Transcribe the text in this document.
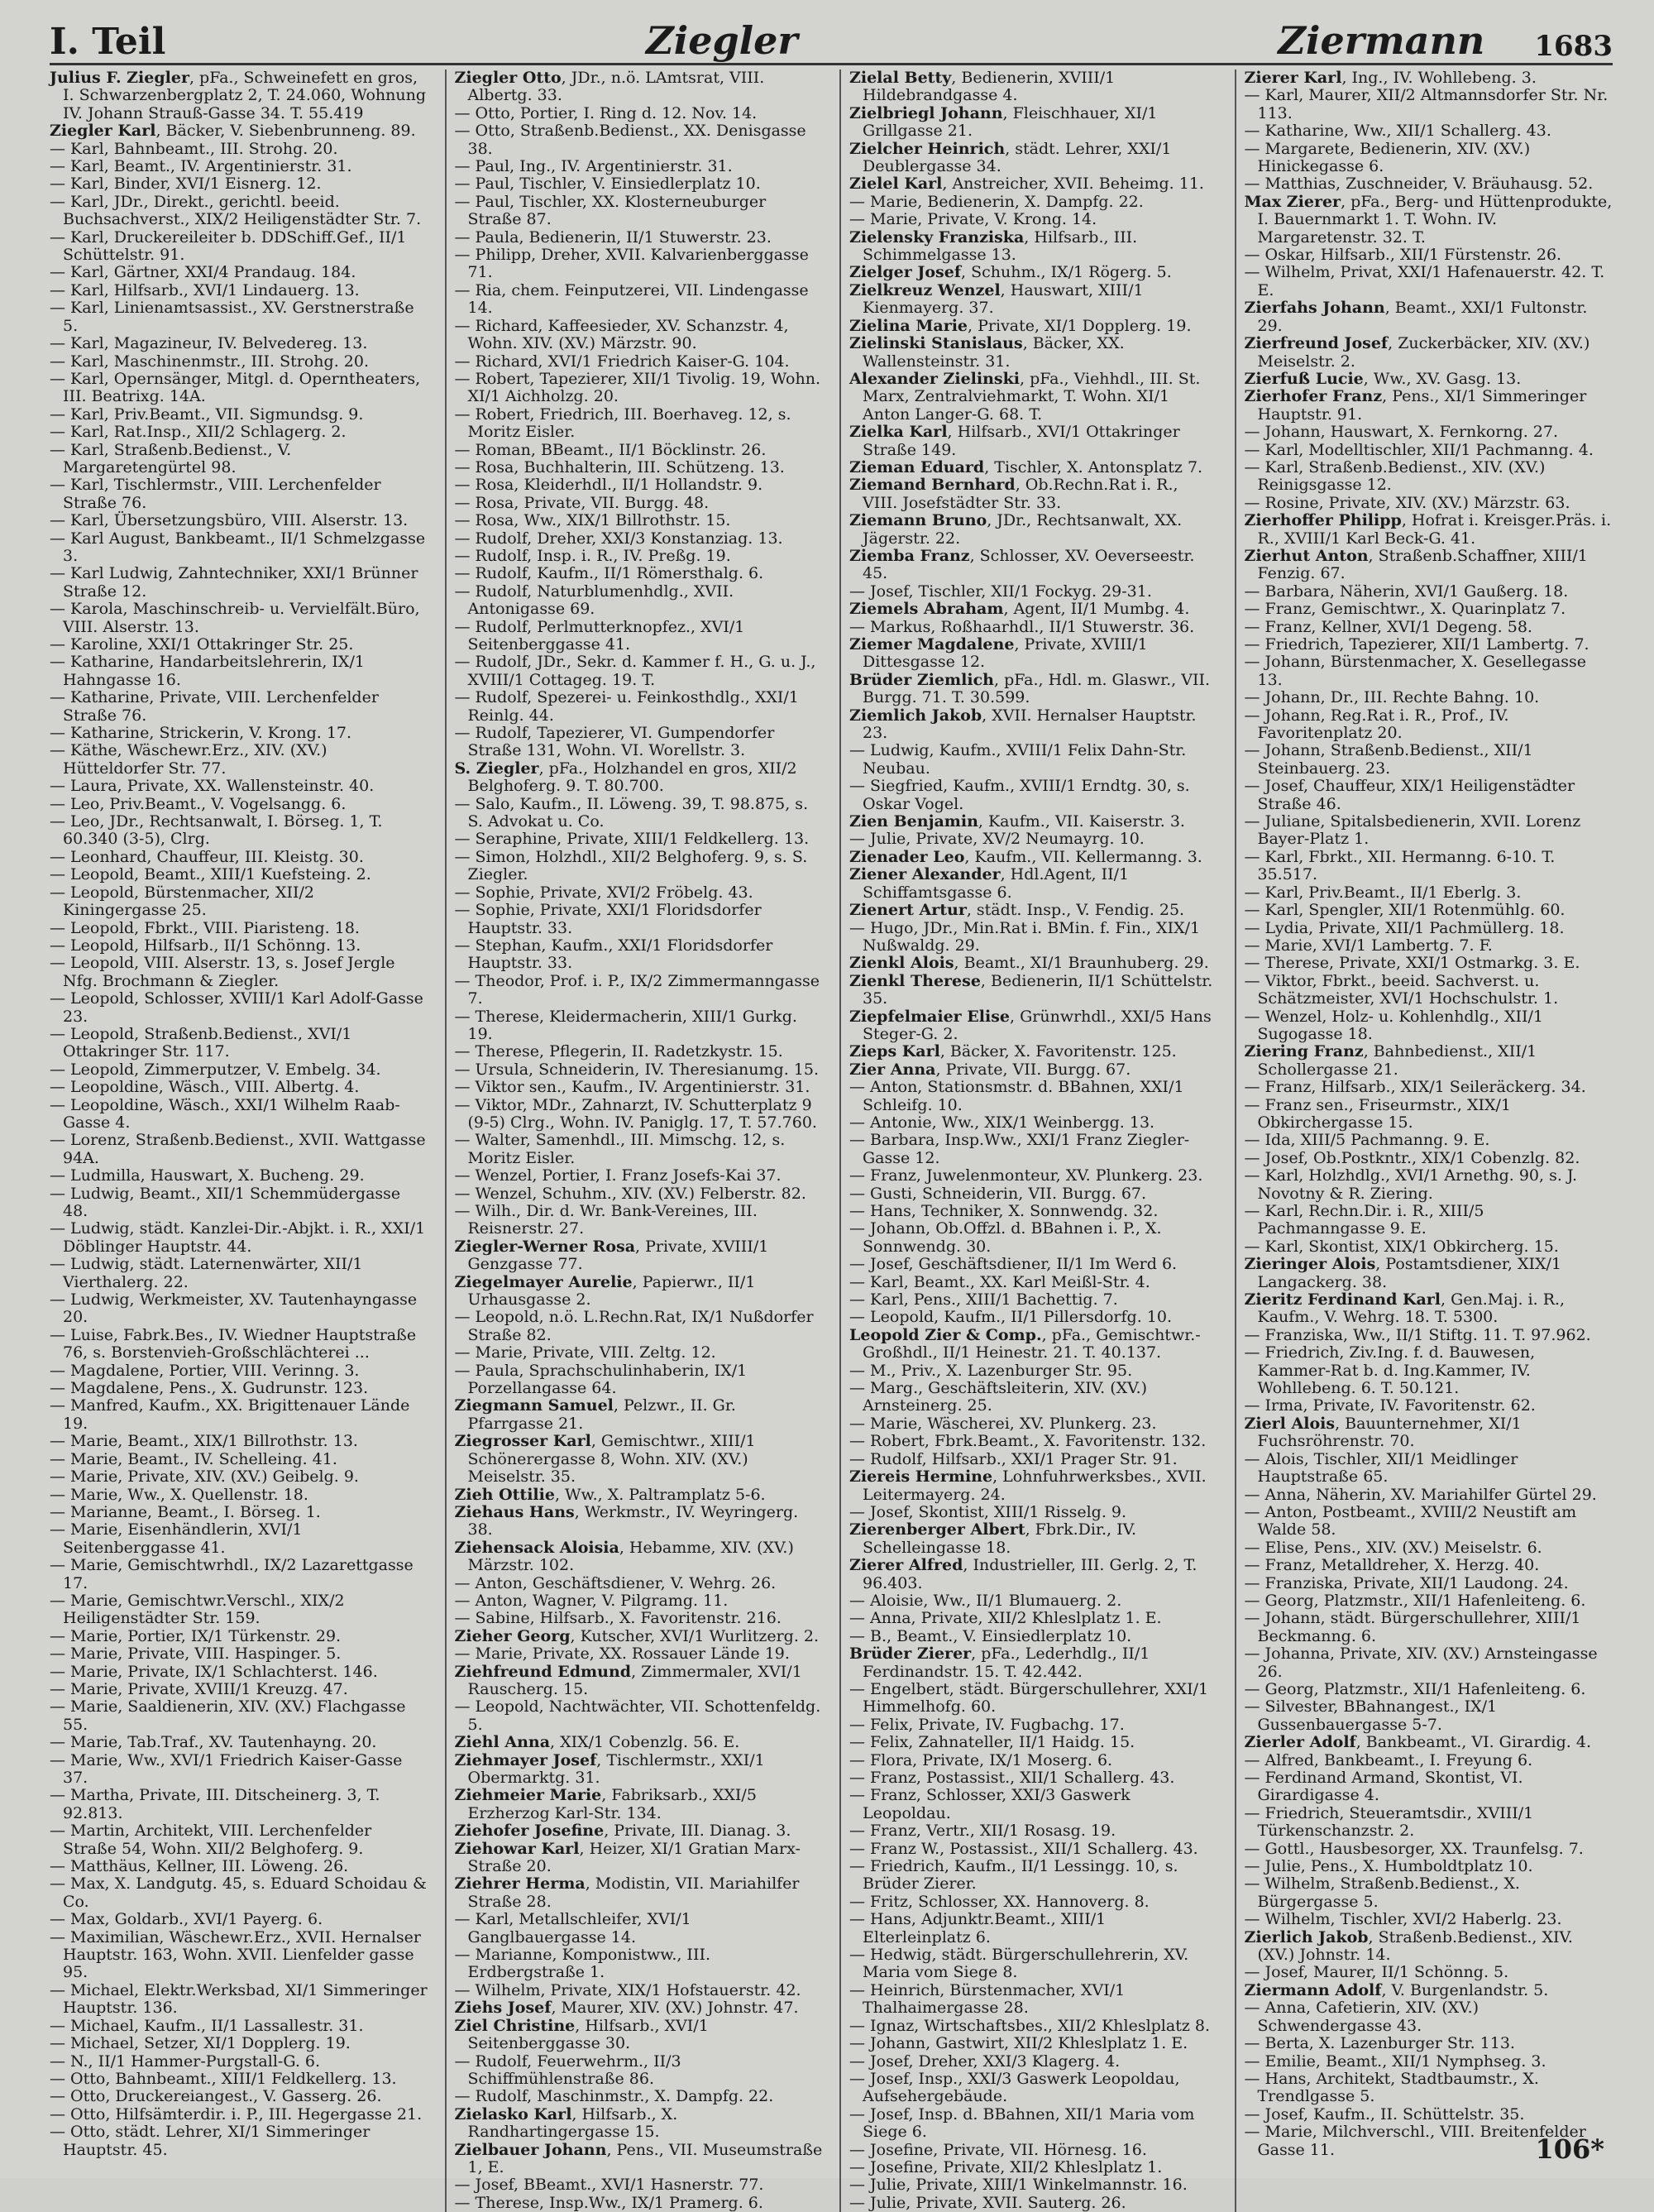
I. Teil	Ziegler	Ziermann 1683

Julius F. Ziegler, pFa., Schweinefett en gros, I. Schwarzenbergplatz 2, T. 24.060, Wohnung IV. Johann Strauß-Gasse 34. T. 55.419

Ziegler Karl, Bäcker, V. Siebenbrunneng. 89.

— Karl, Bahnbeamt., III. Strohg. 20.

— Karl, Beamt., IV. Argentinierstr. 31.

— Karl, Binder, XVI/1 Eisnerg. 12.

— Karl, JDr., Direkt., gerichtl. beeid. Buchsachverst., XIX/2 Heiligenstädter Str. 7.

— Karl, Druckereileiter b. DDSchiff.Gef., II/1 Schüttelstr. 91.

— Karl, Gärtner, XXI/4 Prandaug. 184.

— Karl, Hilfsarb., XVI/1 Lindauerg. 13.

— Karl, Linienamtsassist., XV. Gerstnerstraße 5.

— Karl, Magazineur, IV. Belvedereg. 13.

— Karl, Maschinenmstr., III. Strohg. 20.

— Karl, Opernsänger, Mitgl. d. Operntheaters, III. Beatrixg. 14A.

— Karl, Priv.Beamt., VII. Sigmundsg. 9.

— Karl, Rat.Insp., XII/2 Schlagerg. 2.

— Karl, Straßenb.Bedienst., V. Margaretengürtel 98.

— Karl, Tischlermstr., VIII. Lerchenfelder Straße 76.

— Karl, Übersetzungsbüro, VIII. Alserstr. 13.

— Karl August, Bankbeamt., II/1 Schmelzgasse 3.

— Karl Ludwig, Zahntechniker, XXI/1 Brünner Straße 12.

— Karola, Maschinschreib- u. Vervielfält.Büro, VIII. Alserstr. 13.

— Karoline, XXI/1 Ottakringer Str. 25.

— Katharine, Handarbeitslehrerin, IX/1 Hahngasse 16.

— Katharine, Private, VIII. Lerchenfelder Straße 76.

— Katharine, Strickerin, V. Krong. 17.

— Käthe, Wäschewr.Erz., XIV. (XV.) Hütteldorfer Str. 77.

— Laura, Private, XX. Wallensteinstr. 40.

— Leo, Priv.Beamt., V. Vogelsangg. 6.

— Leo, JDr., Rechtsanwalt, I. Börseg. 1, T. 60.340 (3-5), Clrg.

— Leonhard, Chauffeur, III. Kleistg. 30.

— Leopold, Beamt., XIII/1 Kuefsteing. 2.

— Leopold, Bürstenmacher, XII/2 Kiningergasse 25.

— Leopold, Fbrkt., VIII. Piaristeng. 18.

— Leopold, Hilfsarb., II/1 Schönng. 13.

— Leopold, VIII. Alserstr. 13, s. Josef Jergle Nfg. Brochmann & Ziegler.

— Leopold, Schlosser, XVIII/1 Karl Adolf-Gasse 23.

— Leopold, Straßenb.Bedienst., XVI/1 Ottakringer Str. 117.

— Leopold, Zimmerputzer, V. Embelg. 34.

— Leopoldine, Wäsch., VIII. Albertg. 4.

— Leopoldine, Wäsch., XXI/1 Wilhelm Raab-Gasse 4.

— Lorenz, Straßenb.Bedienst., XVII. Wattgasse 94A.

— Ludmilla, Hauswart, X. Bucheng. 29.

— Ludwig, Beamt., XII/1 Schemmüdergasse 48.

— Ludwig, städt. Kanzlei-Dir.-Abjkt. i. R., XXI/1 Döblinger Hauptstr. 44.

— Ludwig, städt. Laternenwärter, XII/1 Vierthalerg. 22.

— Ludwig, Werkmeister, XV. Tautenhayngasse 20.

— Luise, Fabrk.Bes., IV. Wiedner Hauptstraße 76, s. Borstenvieh-Großschlächterei ...

— Magdalene, Portier, VIII. Verinng. 3.

— Magdalene, Pens., X. Gudrunstr. 123.

— Manfred, Kaufm., XX. Brigittenauer Lände 19.

— Marie, Beamt., XIX/1 Billrothstr. 13.

— Marie, Beamt., IV. Schelleing. 41.

— Marie, Private, XIV. (XV.) Geibelg. 9.

— Marie, Ww., X. Quellenstr. 18.

— Marianne, Beamt., I. Börseg. 1.

— Marie, Eisenhändlerin, XVI/1 Seitenberggasse 41.

— Marie, Gemischtwrhdl., IX/2 Lazarettgasse 17.

— Marie, Gemischtwr.Verschl., XIX/2 Heiligenstädter Str. 159.

— Marie, Portier, IX/1 Türkenstr. 29.

— Marie, Private, VIII. Haspinger. 5.

— Marie, Private, IX/1 Schlachterst. 146.

— Marie, Private, XVIII/1 Kreuzg. 47.

— Marie, Saaldienerin, XIV. (XV.) Flachgasse 55.

— Marie, Tab.Traf., XV. Tautenhayng. 20.

— Marie, Ww., XVI/1 Friedrich Kaiser-Gasse 37.

— Martha, Private, III. Ditscheinerg. 3, T. 92.813.

— Martin, Architekt, VIII. Lerchenfelder Straße 54, Wohn. XII/2 Belghoferg. 9.

— Matthäus, Kellner, III. Löweng. 26.

— Max, X. Landgutg. 45, s. Eduard Schoidau & Co.

— Max, Goldarb., XVI/1 Payerg. 6.

— Maximilian, Wäschewr.Erz., XVII. Hernalser Hauptstr. 163, Wohn. XVII. Lienfelder gasse 95.

— Michael, Elektr.Werksbad, XI/1 Simmeringer Hauptstr. 136.

— Michael, Kaufm., II/1 Lassallestr. 31.

— Michael, Setzer, XI/1 Dopplerg. 19.

— N., II/1 Hammer-Purgstall-G. 6.

— Otto, Bahnbeamt., XIII/1 Feldkellerg. 13.

— Otto, Druckereiangest., V. Gasserg. 26.

— Otto, Hilfsämterdir. i. P., III. Hegergasse 21.

— Otto, städt. Lehrer, XI/1 Simmeringer Hauptstr. 45.

Ziegler Otto, JDr., n.ö. LAmtsrat, VIII. Albertg. 33.

— Otto, Portier, I. Ring d. 12. Nov. 14.

— Otto, Straßenb.Bedienst., XX. Denisgasse 38.

— Paul, Ing., IV. Argentinierstr. 31.

— Paul, Tischler, V. Einsiedlerplatz 10.

— Paul, Tischler, XX. Klosterneuburger Straße 87.

— Paula, Bedienerin, II/1 Stuwerstr. 23.

— Philipp, Dreher, XVII. Kalvarienberggasse 71.

— Ria, chem. Feinputzerei, VII. Lindengasse 14.

— Richard, Kaffeesieder, XV. Schanzstr. 4, Wohn. XIV. (XV.) Märzstr. 90.

— Richard, XVI/1 Friedrich Kaiser-G. 104.

— Robert, Tapezierer, XII/1 Tivolig. 19, Wohn. XI/1 Aichholzg. 20.

— Robert, Friedrich, III. Boerhaveg. 12, s. Moritz Eisler.

— Roman, BBeamt., II/1 Böcklinstr. 26.

— Rosa, Buchhalterin, III. Schützeng. 13.

— Rosa, Kleiderhdl., II/1 Hollandstr. 9.

— Rosa, Private, VII. Burgg. 48.

— Rosa, Ww., XIX/1 Billrothstr. 15.

— Rudolf, Dreher, XXI/3 Konstanziag. 13.

— Rudolf, Insp. i. R., IV. Preßg. 19.

— Rudolf, Kaufm., II/1 Römersthalg. 6.

— Rudolf, Naturblumenhdlg., XVII. Antonigasse 69.

— Rudolf, Perlmutterknopfez., XVI/1 Seitenberggasse 41.

— Rudolf, JDr., Sekr. d. Kammer f. H., G. u. J., XVIII/1 Cottageg. 19. T.

— Rudolf, Spezerei- u. Feinkosthdlg., XXI/1 Reinlg. 44.

— Rudolf, Tapezierer, VI. Gumpendorfer Straße 131, Wohn. VI. Worellstr. 3.

S. Ziegler, pFa., Holzhandel en gros, XII/2 Belghoferg. 9. T. 80.700.

— Salo, Kaufm., II. Löweng. 39, T. 98.875, s. S. Advokat u. Co.

— Seraphine, Private, XIII/1 Feldkellerg. 13.

— Simon, Holzhdl., XII/2 Belghoferg. 9, s. S. Ziegler.

— Sophie, Private, XVI/2 Fröbelg. 43.

— Sophie, Private, XXI/1 Floridsdorfer Hauptstr. 33.

— Stephan, Kaufm., XXI/1 Floridsdorfer Hauptstr. 33.

— Theodor, Prof. i. P., IX/2 Zimmermanngasse 7.

— Therese, Kleidermacherin, XIII/1 Gurkg. 19.

— Therese, Pflegerin, II. Radetzkystr. 15.

— Ursula, Schneiderin, IV. Theresianumg. 15.

— Viktor sen., Kaufm., IV. Argentinierstr. 31.

— Viktor, MDr., Zahnarzt, IV. Schutterplatz 9 (9-5) Clrg., Wohn. IV. Paniglg. 17, T. 57.760.

— Walter, Samenhdl., III. Mimschg. 12, s. Moritz Eisler.

— Wenzel, Portier, I. Franz Josefs-Kai 37.

— Wenzel, Schuhm., XIV. (XV.) Felberstr. 82.

— Wilh., Dir. d. Wr. Bank-Vereines, III. Reisnerstr. 27.

Ziegler-Werner Rosa, Private, XVIII/1 Genzgasse 77.

Ziegelmayer Aurelie, Papierwr., II/1 Urhausgasse 2.

— Leopold, n.ö. L.Rechn.Rat, IX/1 Nußdorfer Straße 82.

— Marie, Private, VIII. Zeltg. 12.

— Paula, Sprachschulinhaberin, IX/1 Porzellangasse 64.

Ziegmann Samuel, Pelzwr., II. Gr. Pfarrgasse 21.

Ziegrosser Karl, Gemischtwr., XIII/1 Schönerergasse 8, Wohn. XIV. (XV.) Meiselstr. 35.

Zieh Ottilie, Ww., X. Paltramplatz 5-6.

Ziehaus Hans, Werkmstr., IV. Weyringerg. 38.

Ziehensack Aloisia, Hebamme, XIV. (XV.) Märzstr. 102.

— Anton, Geschäftsdiener, V. Wehrg. 26.

— Anton, Wagner, V. Pilgramg. 11.

— Sabine, Hilfsarb., X. Favoritenstr. 216.

Zieher Georg, Kutscher, XVI/1 Wurlitzerg. 2.

— Marie, Private, XX. Rossauer Lände 19.

Ziehfreund Edmund, Zimmermaler, XVI/1 Rauscherg. 15.

— Leopold, Nachtwächter, VII. Schottenfeldg. 5.

Ziehl Anna, XIX/1 Cobenzlg. 56. E.

Ziehmayer Josef, Tischlermstr., XXI/1 Obermarktg. 31.

Ziehmeier Marie, Fabriksarb., XXI/5 Erzherzog Karl-Str. 134.

Ziehofer Josefine, Private, III. Dianag. 3.

Ziehowar Karl, Heizer, XI/1 Gratian Marx-Straße 20.

Ziehrer Herma, Modistin, VII. Mariahilfer Straße 28.

— Karl, Metallschleifer, XVI/1 Ganglbauergasse 14.

— Marianne, Komponistww., III. Erdbergstraße 1.

— Wilhelm, Private, XIX/1 Hofstauerstr. 42.

Ziehs Josef, Maurer, XIV. (XV.) Johnstr. 47.

Ziel Christine, Hilfsarb., XVI/1 Seitenberggasse 30.

— Rudolf, Feuerwehrm., II/3 Schiffmühlenstraße 86.

— Rudolf, Maschinmstr., X. Dampfg. 22.

Zielasko Karl, Hilfsarb., X. Randhartingergasse 15.

Zielbauer Johann, Pens., VII. Museumstraße 1, E.

— Josef, BBeamt., XVI/1 Hasnerstr. 77.

— Therese, Insp.Ww., IX/1 Pramerg. 6.

Zielal Betty, Bedienerin, XVIII/1 Hildebrandgasse 4.

Zielbriegl Johann, Fleischhauer, XI/1 Grillgasse 21.

Zielcher Heinrich, städt. Lehrer, XXI/1 Deublergasse 34.

Zielel Karl, Anstreicher, XVII. Beheimg. 11.

— Marie, Bedienerin, X. Dampfg. 22.

— Marie, Private, V. Krong. 14.

Zielensky Franziska, Hilfsarb., III. Schimmelgasse 13.

Zielger Josef, Schuhm., IX/1 Rögerg. 5.

Zielkreuz Wenzel, Hauswart, XIII/1 Kienmayerg. 37.

Zielina Marie, Private, XI/1 Dopplerg. 19.

Zielinski Stanislaus, Bäcker, XX. Wallensteinstr. 31.

Alexander Zielinski, pFa., Viehhdl., III. St. Marx, Zentralviehmarkt, T. Wohn. XI/1 Anton Langer-G. 68. T.

Zielka Karl, Hilfsarb., XVI/1 Ottakringer Straße 149.

Zieman Eduard, Tischler, X. Antonsplatz 7.

Ziemand Bernhard, Ob.Rechn.Rat i. R., VIII. Josefstädter Str. 33.

Ziemann Bruno, JDr., Rechtsanwalt, XX. Jägerstr. 22.

Ziemba Franz, Schlosser, XV. Oeverseestr. 45.

— Josef, Tischler, XII/1 Fockyg. 29-31.

Ziemels Abraham, Agent, II/1 Mumbg. 4.

— Markus, Roßhaarhdl., II/1 Stuwerstr. 36.

Ziemer Magdalene, Private, XVIII/1 Dittesgasse 12.

Brüder Ziemlich, pFa., Hdl. m. Glaswr., VII. Burgg. 71. T. 30.599.

Ziemlich Jakob, XVII. Hernalser Hauptstr. 23.

— Ludwig, Kaufm., XVIII/1 Felix Dahn-Str. Neubau.

— Siegfried, Kaufm., XVIII/1 Erndtg. 30, s. Oskar Vogel.

Zien Benjamin, Kaufm., VII. Kaiserstr. 3.

— Julie, Private, XV/2 Neumayrg. 10.

Zienader Leo, Kaufm., VII. Kellermanng. 3.

Ziener Alexander, Hdl.Agent, II/1 Schiffamtsgasse 6.

Zienert Artur, städt. Insp., V. Fendig. 25.

— Hugo, JDr., Min.Rat i. BMin. f. Fin., XIX/1 Nußwaldg. 29.

Zienkl Alois, Beamt., XI/1 Braunhuberg. 29.

Zienkl Therese, Bedienerin, II/1 Schüttelstr. 35.

Ziepfelmaier Elise, Grünwrhdl., XXI/5 Hans Steger-G. 2.

Zieps Karl, Bäcker, X. Favoritenstr. 125.

Zier Anna, Private, VII. Burgg. 67.

— Anton, Stationsmstr. d. BBahnen, XXI/1 Schleifg. 10.

— Antonie, Ww., XIX/1 Weinbergg. 13.

— Barbara, Insp.Ww., XXI/1 Franz Ziegler-Gasse 12.

— Franz, Juwelenmonteur, XV. Plunkerg. 23.

— Gusti, Schneiderin, VII. Burgg. 67.

— Hans, Techniker, X. Sonnwendg. 32.

— Johann, Ob.Offzl. d. BBahnen i. P., X. Sonnwendg. 30.

— Josef, Geschäftsdiener, II/1 Im Werd 6.

— Karl, Beamt., XX. Karl Meißl-Str. 4.

— Karl, Pens., XIII/1 Bachettig. 7.

— Leopold, Kaufm., II/1 Pillersdorfg. 10.

Leopold Zier & Comp., pFa., Gemischtwr.-Großhdl., II/1 Heinestr. 21. T. 40.137.

— M., Priv., X. Lazenburger Str. 95.

— Marg., Geschäftsleiterin, XIV. (XV.) Arnsteinerg. 25.

— Marie, Wäscherei, XV. Plunkerg. 23.

— Robert, Fbrk.Beamt., X. Favoritenstr. 132.

— Rudolf, Hilfsarb., XXI/1 Prager Str. 91.

Ziereis Hermine, Lohnfuhrwerksbes., XVII. Leitermayerg. 24.

— Josef, Skontist, XIII/1 Risselg. 9.

Zierenberger Albert, Fbrk.Dir., IV. Schelleingasse 18.

Zierer Alfred, Industrieller, III. Gerlg. 2, T. 96.403.

— Aloisie, Ww., II/1 Blumauerg. 2.

— Anna, Private, XII/2 Khleslplatz 1. E.

— B., Beamt., V. Einsiedlerplatz 10.

Brüder Zierer, pFa., Lederhdlg., II/1 Ferdinandstr. 15. T. 42.442.

— Engelbert, städt. Bürgerschullehrer, XXI/1 Himmelhofg. 60.

— Felix, Private, IV. Fugbachg. 17.

— Felix, Zahnateller, II/1 Haidg. 15.

— Flora, Private, IX/1 Moserg. 6.

— Franz, Postassist., XII/1 Schallerg. 43.

— Franz, Schlosser, XXI/3 Gaswerk Leopoldau.

— Franz, Vertr., XII/1 Rosasg. 19.

— Franz W., Postassist., XII/1 Schallerg. 43.

— Friedrich, Kaufm., II/1 Lessingg. 10, s. Brüder Zierer.

— Fritz, Schlosser, XX. Hannoverg. 8.

— Hans, Adjunktr.Beamt., XIII/1 Elterleinplatz 6.

— Hedwig, städt. Bürgerschullehrerin, XV. Maria vom Siege 8.

— Heinrich, Bürstenmacher, XVI/1 Thalhaimergasse 28.

— Ignaz, Wirtschaftsbes., XII/2 Khleslplatz 8.

— Johann, Gastwirt, XII/2 Khleslplatz 1. E.

— Josef, Dreher, XXI/3 Klagerg. 4.

— Josef, Insp., XXI/3 Gaswerk Leopoldau, Aufsehergebäude.

— Josef, Insp. d. BBahnen, XII/1 Maria vom Siege 6.

— Josefine, Private, VII. Hörnesg. 16.

— Josefine, Private, XII/2 Khleslplatz 1.

— Julie, Private, XIII/1 Winkelmannstr. 16.

— Julie, Private, XVII. Sauterg. 26.

Zierer Karl, Ing., IV. Wohllebeng. 3.

— Karl, Maurer, XII/2 Altmannsdorfer Str. Nr. 113.

— Katharine, Ww., XII/1 Schallerg. 43.

— Margarete, Bedienerin, XIV. (XV.) Hinickegasse 6.

— Matthias, Zuschneider, V. Bräuhausg. 52.

Max Zierer, pFa., Berg- und Hüttenprodukte, I. Bauernmarkt 1. T. Wohn. IV. Margaretenstr. 32. T.

— Oskar, Hilfsarb., XII/1 Fürstenstr. 26.

— Wilhelm, Privat, XXI/1 Hafenauerstr. 42. T. E.

Zierfahs Johann, Beamt., XXI/1 Fultonstr. 29.

Zierfreund Josef, Zuckerbäcker, XIV. (XV.) Meiselstr. 2.

Zierfuß Lucie, Ww., XV. Gasg. 13.

Zierhofer Franz, Pens., XI/1 Simmeringer Hauptstr. 91.

— Johann, Hauswart, X. Fernkorng. 27.

— Karl, Modelltischler, XII/1 Pachmanng. 4.

— Karl, Straßenb.Bedienst., XIV. (XV.) Reinigsgasse 12.

— Rosine, Private, XIV. (XV.) Märzstr. 63.

Zierhoffer Philipp, Hofrat i. Kreisger.Präs. i. R., XVIII/1 Karl Beck-G. 41.

Zierhut Anton, Straßenb.Schaffner, XIII/1 Fenzig. 67.

— Barbara, Näherin, XVI/1 Gaußerg. 18.

— Franz, Gemischtwr., X. Quarinplatz 7.

— Franz, Kellner, XVI/1 Degeng. 58.

— Friedrich, Tapezierer, XII/1 Lambertg. 7.

— Johann, Bürstenmacher, X. Gesellegasse 13.

— Johann, Dr., III. Rechte Bahng. 10.

— Johann, Reg.Rat i. R., Prof., IV. Favoritenplatz 20.

— Johann, Straßenb.Bedienst., XII/1 Steinbauerg. 23.

— Josef, Chauffeur, XIX/1 Heiligenstädter Straße 46.

— Juliane, Spitalsbedienerin, XVII. Lorenz Bayer-Platz 1.

— Karl, Fbrkt., XII. Hermanng. 6-10. T. 35.517.

— Karl, Priv.Beamt., II/1 Eberlg. 3.

— Karl, Spengler, XII/1 Rotenmühlg. 60.

— Lydia, Private, XII/1 Pachmüllerg. 18.

— Marie, XVI/1 Lambertg. 7. F.

— Therese, Private, XXI/1 Ostmarkg. 3. E.

— Viktor, Fbrkt., beeid. Sachverst. u. Schätzmeister, XVI/1 Hochschulstr. 1.

— Wenzel, Holz- u. Kohlenhdlg., XII/1 Sugogasse 18.

Ziering Franz, Bahnbedienst., XII/1 Schollergasse 21.

— Franz, Hilfsarb., XIX/1 Seileräckerg. 34.

— Franz sen., Friseurmstr., XIX/1 Obkirchergasse 15.

— Ida, XIII/5 Pachmanng. 9. E.

— Josef, Ob.Postkntr., XIX/1 Cobenzlg. 82.

— Karl, Holzhdlg., XVI/1 Arnethg. 90, s. J. Novotny & R. Ziering.

— Karl, Rechn.Dir. i. R., XIII/5 Pachmanngasse 9. E.

— Karl, Skontist, XIX/1 Obkircherg. 15.

Zieringer Alois, Postamtsdiener, XIX/1 Langackerg. 38.

Zieritz Ferdinand Karl, Gen.Maj. i. R., Kaufm., V. Wehrg. 18. T. 5300.

— Franziska, Ww., II/1 Stiftg. 11. T. 97.962.

— Friedrich, Ziv.Ing. f. d. Bauwesen, Kammer-Rat b. d. Ing.Kammer, IV. Wohllebeng. 6. T. 50.121.

— Irma, Private, IV. Favoritenstr. 62.

Zierl Alois, Bauunternehmer, XI/1 Fuchsröhrenstr. 70.

— Alois, Tischler, XII/1 Meidlinger Hauptstraße 65.

— Anna, Näherin, XV. Mariahilfer Gürtel 29.

— Anton, Postbeamt., XVIII/2 Neustift am Walde 58.

— Elise, Pens., XIV. (XV.) Meiselstr. 6.

— Franz, Metalldreher, X. Herzg. 40.

— Franziska, Private, XII/1 Laudong. 24.

— Georg, Platzmstr., XII/1 Hafenleiteng. 6.

— Johann, städt. Bürgerschullehrer, XIII/1 Beckmanng. 6.

— Johanna, Private, XIV. (XV.) Arnsteingasse 26.

— Georg, Platzmstr., XII/1 Hafenleiteng. 6.

— Silvester, BBahnangest., IX/1 Gussenbauergasse 5-7.

Zierler Adolf, Bankbeamt., VI. Girardig. 4.

— Alfred, Bankbeamt., I. Freyung 6.

— Ferdinand Armand, Skontist, VI. Girardigasse 4.

— Friedrich, Steueramtsdir., XVIII/1 Türkenschanzstr. 2.

— Gottl., Hausbesorger, XX. Traunfelsg. 7.

— Julie, Pens., X. Humboldtplatz 10.

— Wilhelm, Straßenb.Bedienst., X. Bürgergasse 5.

— Wilhelm, Tischler, XVI/2 Haberlg. 23.

Zierlich Jakob, Straßenb.Bedienst., XIV. (XV.) Johnstr. 14.

— Josef, Maurer, II/1 Schönng. 5.

Ziermann Adolf, V. Burgenlandstr. 5.

— Anna, Cafetierin, XIV. (XV.) Schwendergasse 43.

— Berta, X. Lazenburger Str. 113.

— Emilie, Beamt., XII/1 Nymphseg. 3.

— Hans, Architekt, Stadtbaumstr., X. Trendlgasse 5.

— Josef, Kaufm., II. Schüttelstr. 35.

— Marie, Milchverschl., VIII. Breitenfelder Gasse 11.	106*
